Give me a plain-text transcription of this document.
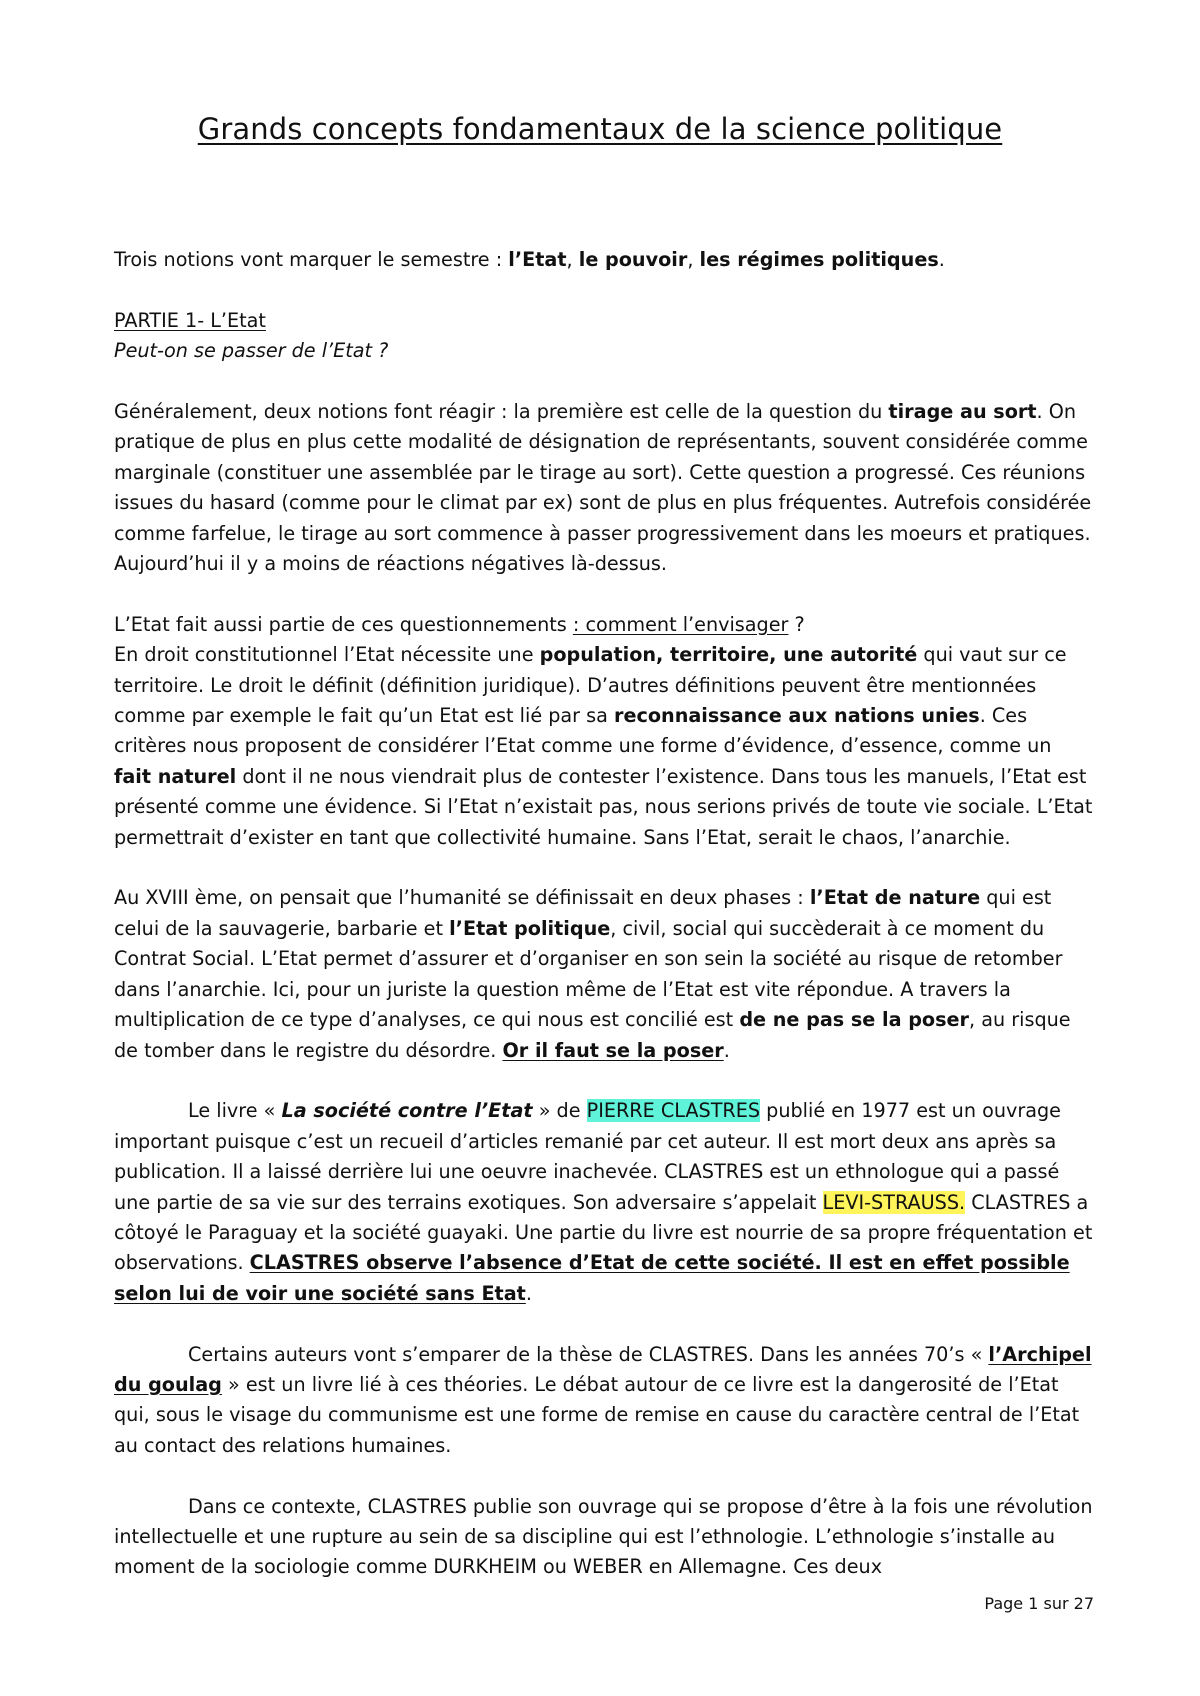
Grands concepts fondamentaux de la science politique

Trois notions vont marquer le semestre : l’Etat, le pouvoir, les régimes politiques.

PARTIE 1- L’Etat

Peut-on se passer de l’Etat ?

Généralement, deux notions font réagir : la première est celle de la question du tirage au sort. On pratique de plus en plus cette modalité de désignation de représentants, souvent considérée comme marginale (constituer une assemblée par le tirage au sort). Cette question a progressé. Ces réunions issues du hasard (comme pour le climat par ex) sont de plus en plus fréquentes. Autrefois considérée comme farfelue, le tirage au sort commence à passer progressivement dans les moeurs et pratiques. Aujourd’hui il y a moins de réactions négatives là-dessus.

L’Etat fait aussi partie de ces questionnements : comment l’envisager ?

En droit constitutionnel l’Etat nécessite une population, territoire, une autorité qui vaut sur ce territoire. Le droit le définit (définition juridique). D’autres définitions peuvent être mentionnées comme par exemple le fait qu’un Etat est lié par sa reconnaissance aux nations unies. Ces critères nous proposent de considérer l’Etat comme une forme d’évidence, d’essence, comme un fait naturel dont il ne nous viendrait plus de contester l’existence. Dans tous les manuels, l’Etat est présenté comme une évidence. Si l’Etat n’existait pas, nous serions privés de toute vie sociale. L’Etat permettrait d’exister en tant que collectivité humaine. Sans l’Etat, serait le chaos, l’anarchie.

Au XVIII ème, on pensait que l’humanité se définissait en deux phases : l’Etat de nature qui est celui de la sauvagerie, barbarie et l’Etat politique, civil, social qui succèderait à ce moment du Contrat Social. L’Etat permet d’assurer et d’organiser en son sein la société au risque de retomber dans l’anarchie. Ici, pour un juriste la question même de l’Etat est vite répondue. A travers la multiplication de ce type d’analyses, ce qui nous est concilié est de ne pas se la poser, au risque de tomber dans le registre du désordre. Or il faut se la poser.

Le livre « La société contre l’Etat » de PIERRE CLASTRES publié en 1977 est un ouvrage important puisque c’est un recueil d’articles remanié par cet auteur. Il est mort deux ans après sa publication. Il a laissé derrière lui une oeuvre inachevée. CLASTRES est un ethnologue qui a passé une partie de sa vie sur des terrains exotiques. Son adversaire s’appelait LEVI-STRAUSS. CLASTRES a côtoyé le Paraguay et la société guayaki. Une partie du livre est nourrie de sa propre fréquentation et observations. CLASTRES observe l’absence d’Etat de cette société. Il est en effet possible selon lui de voir une société sans Etat.

Certains auteurs vont s’emparer de la thèse de CLASTRES. Dans les années 70’s « l’Archipel du goulag » est un livre lié à ces théories. Le débat autour de ce livre est la dangerosité de l’Etat qui, sous le visage du communisme est une forme de remise en cause du caractère central de l’Etat au contact des relations humaines.

Dans ce contexte, CLASTRES publie son ouvrage qui se propose d’être à la fois une révolution intellectuelle et une rupture au sein de sa discipline qui est l’ethnologie. L’ethnologie s’installe au moment de la sociologie comme DURKHEIM ou WEBER en Allemagne. Ces deux

Page 1 sur 27
